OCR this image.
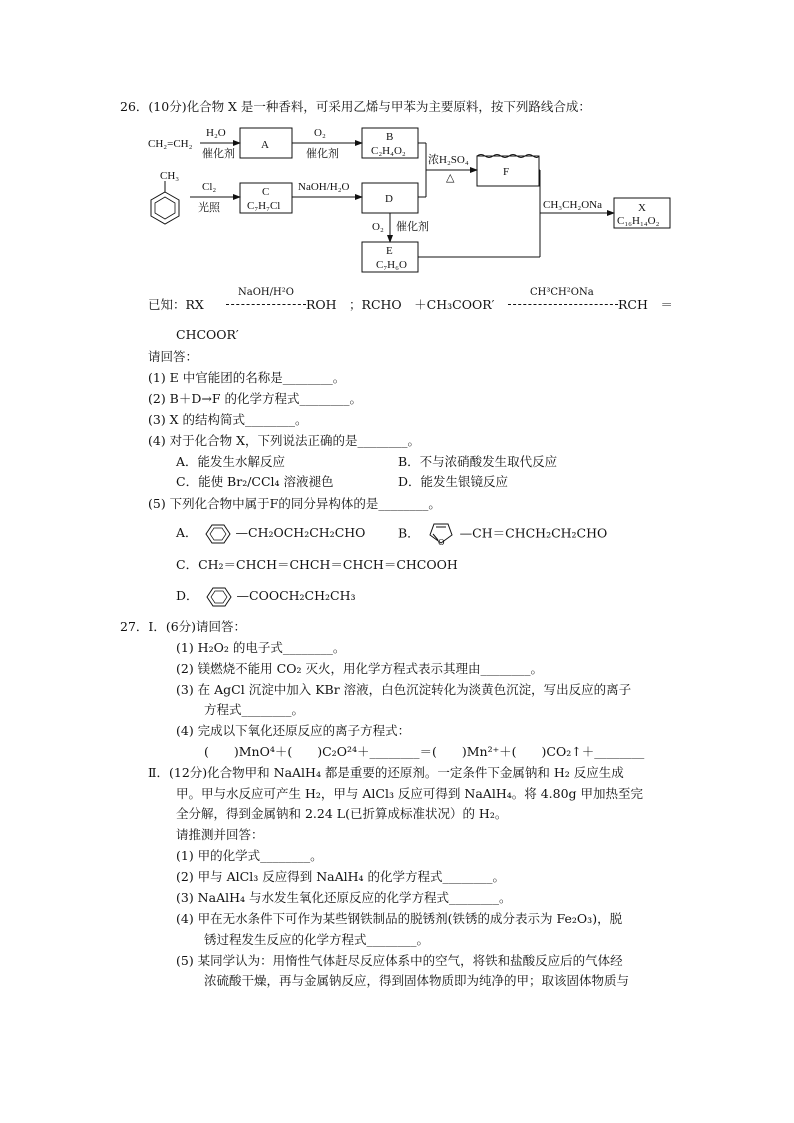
26．(10分)化合物 X 是一种香料，可采用乙烯与甲苯为主要原料，按下列路线合成：
CH₂=CH₂
H₂O
催化剂
A
O₂
催化剂
B
C₂H₄O₂
浓H₂SO₄
△	F
CH₃
Cl₂
光照
C
C₇H₇Cl
NaOH/H₂O
D
O₂ 催化剂
E
C₇H₆O
CH₃CH₂ONa	X
C₁₆H₁₄O₂
已知：RX
NaOH/H²O
ROH　；RCHO　＋CH₃COOR′
CH³CH²ONa
RCH　＝
CHCOOR′
请回答：
(1) E 中官能团的名称是________。
(2) B＋D→F 的化学方程式________。
(3) X 的结构简式________。
(4) 对于化合物 X，下列说法正确的是________。
A．能发生水解反应	B．不与浓硝酸发生取代反应
C．能使 Br₂/CCl₄ 溶液褪色	D．能发生银镜反应
(5) 下列化合物中属于F的同分异构体的是________。
A．	—CH₂OCH₂CH₂CHO	B．
O
—CH＝CHCH₂CH₂CHO
C．CH₂＝CHCH＝CHCH＝CHCH＝CHCOOH
D．	—COOCH₂CH₂CH₃
27．Ⅰ．(6分)请回答：
(1) H₂O₂ 的电子式________。
(2) 镁燃烧不能用 CO₂ 灭火，用化学方程式表示其理由________。
(3) 在 AgCl 沉淀中加入 KBr 溶液，白色沉淀转化为淡黄色沉淀，写出反应的离子
方程式________。
(4) 完成以下氧化还原反应的离子方程式：
(　　)MnO⁴＋(　　)C₂O²⁴＋________＝(　　)Mn²⁺＋(　　)CO₂↑＋________
Ⅱ．(12分)化合物甲和 NaAlH₄ 都是重要的还原剂。一定条件下金属钠和 H₂ 反应生成
甲。甲与水反应可产生 H₂，甲与 AlCl₃ 反应可得到 NaAlH₄。将 4.80g 甲加热至完
全分解，得到金属钠和 2.24 L(已折算成标准状况）的 H₂。
请推测并回答：
(1) 甲的化学式________。
(2) 甲与 AlCl₃ 反应得到 NaAlH₄ 的化学方程式________。
(3) NaAlH₄ 与水发生氧化还原反应的化学方程式________。
(4) 甲在无水条件下可作为某些钢铁制品的脱锈剂(铁锈的成分表示为 Fe₂O₃)，脱
锈过程发生反应的化学方程式________。
(5) 某同学认为：用惰性气体赶尽反应体系中的空气，将铁和盐酸反应后的气体经
浓硫酸干燥，再与金属钠反应，得到固体物质即为纯净的甲；取该固体物质与
